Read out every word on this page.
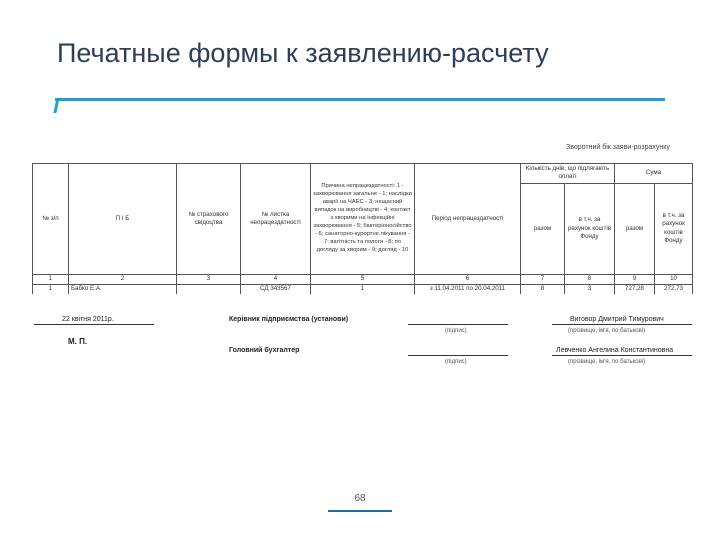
Печатные формы к заявлению-расчету
Зворотний бік заяви-розрахунку
№ з/п	П І Б	№ страхового свідоцтва	№ листка непрацездатності	Причина непрацездатності: 1 - захворювання загальне - 1; наслідки аварії на ЧАЕС - 3; нещасний випадок на виробництві - 4; контакт з хворими на інфекційні захворювання - 5; бактеріоносійство - 6; санаторно-курортне лікування - 7; вагітність та пологи - 8; по догляду за хворим - 9; догляд - 10	Період непрацездатності	Кількість днів, що підлягають оплаті		Сума	
						разом	в т.ч. за рахунок коштів Фонду	разом	в т.ч. за рахунок коштів Фонду
1	2	3	4	5	6	7	8	9	10
1	Бабко Е.А.		СД 343567	1	з 11.04.2011 по 20.04.2011	8	3	727,28	272,73
22 квітня 2011р.	Керівник підприємства (установи)
(підпис)
Виговор Дмитрий Тимурович
(прізвище, ім'я, по батькові)
М. П.
Головний бухгалтер
(підпис)
Левченко Ангелина Константиновна
(прізвище, ім'я, по батькові)
68
